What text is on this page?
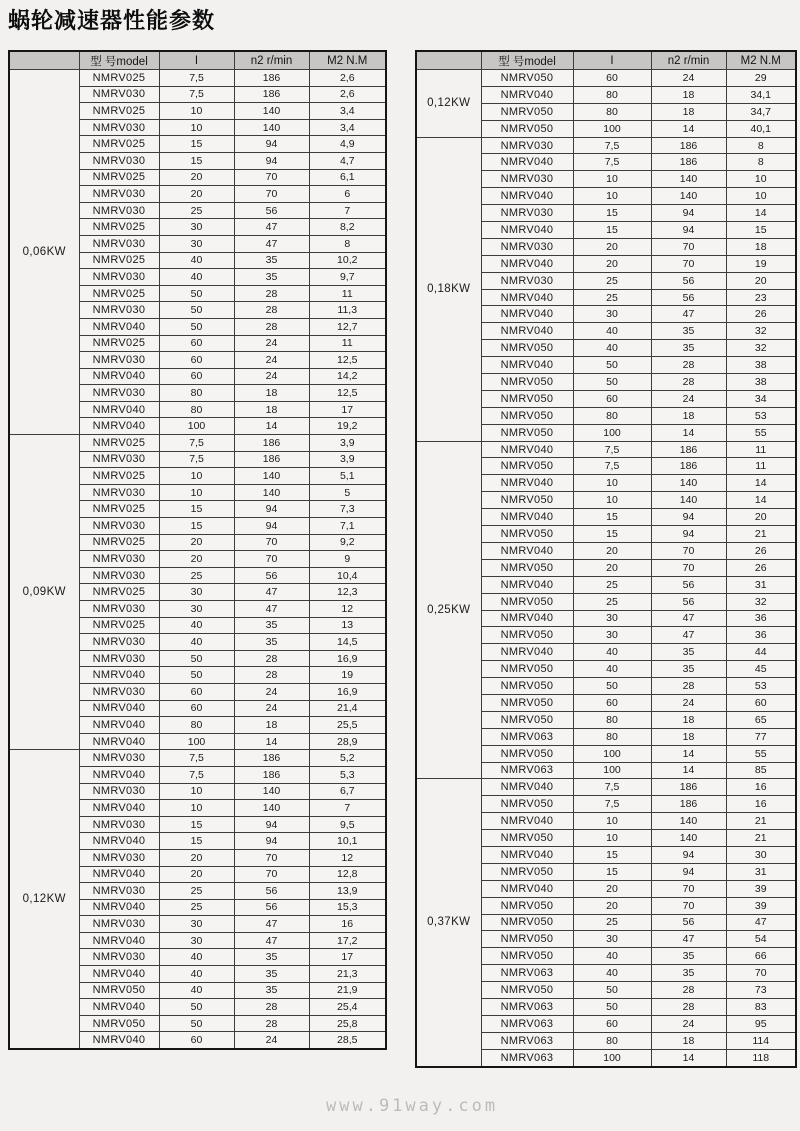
蜗轮减速器性能参数
	型 号model	I	n2 r/min	M2 N.M
0,06KW	NMRV025	7,5	186	2,6
	NMRV030	7,5	186	2,6
	NMRV025	10	140	3,4
	NMRV030	10	140	3,4
	NMRV025	15	94	4,9
	NMRV030	15	94	4,7
	NMRV025	20	70	6,1
	NMRV030	20	70	6
	NMRV030	25	56	7
	NMRV025	30	47	8,2
	NMRV030	30	47	8
	NMRV025	40	35	10,2
	NMRV030	40	35	9,7
	NMRV025	50	28	11
	NMRV030	50	28	11,3
	NMRV040	50	28	12,7
	NMRV025	60	24	11
	NMRV030	60	24	12,5
	NMRV040	60	24	14,2
	NMRV030	80	18	12,5
	NMRV040	80	18	17
	NMRV040	100	14	19,2
0,09KW	NMRV025	7,5	186	3,9
	NMRV030	7,5	186	3,9
	NMRV025	10	140	5,1
	NMRV030	10	140	5
	NMRV025	15	94	7,3
	NMRV030	15	94	7,1
	NMRV025	20	70	9,2
	NMRV030	20	70	9
	NMRV030	25	56	10,4
	NMRV025	30	47	12,3
	NMRV030	30	47	12
	NMRV025	40	35	13
	NMRV030	40	35	14,5
	NMRV030	50	28	16,9
	NMRV040	50	28	19
	NMRV030	60	24	16,9
	NMRV040	60	24	21,4
	NMRV040	80	18	25,5
	NMRV040	100	14	28,9
0,12KW	NMRV030	7,5	186	5,2
	NMRV040	7,5	186	5,3
	NMRV030	10	140	6,7
	NMRV040	10	140	7
	NMRV030	15	94	9,5
	NMRV040	15	94	10,1
	NMRV030	20	70	12
	NMRV040	20	70	12,8
	NMRV030	25	56	13,9
	NMRV040	25	56	15,3
	NMRV030	30	47	16
	NMRV040	30	47	17,2
	NMRV030	40	35	17
	NMRV040	40	35	21,3
	NMRV050	40	35	21,9
	NMRV040	50	28	25,4
	NMRV050	50	28	25,8
	NMRV040	60	24	28,5
	型 号model	I	n2 r/min	M2 N.M
0,12KW	NMRV050	60	24	29
	NMRV040	80	18	34,1
	NMRV050	80	18	34,7
	NMRV050	100	14	40,1
0,18KW	NMRV030	7,5	186	8
	NMRV040	7,5	186	8
	NMRV030	10	140	10
	NMRV040	10	140	10
	NMRV030	15	94	14
	NMRV040	15	94	15
	NMRV030	20	70	18
	NMRV040	20	70	19
	NMRV030	25	56	20
	NMRV040	25	56	23
	NMRV040	30	47	26
	NMRV040	40	35	32
	NMRV050	40	35	32
	NMRV040	50	28	38
	NMRV050	50	28	38
	NMRV050	60	24	34
	NMRV050	80	18	53
	NMRV050	100	14	55
0,25KW	NMRV040	7,5	186	11
	NMRV050	7,5	186	11
	NMRV040	10	140	14
	NMRV050	10	140	14
	NMRV040	15	94	20
	NMRV050	15	94	21
	NMRV040	20	70	26
	NMRV050	20	70	26
	NMRV040	25	56	31
	NMRV050	25	56	32
	NMRV040	30	47	36
	NMRV050	30	47	36
	NMRV040	40	35	44
	NMRV050	40	35	45
	NMRV050	50	28	53
	NMRV050	60	24	60
	NMRV050	80	18	65
	NMRV063	80	18	77
	NMRV050	100	14	55
	NMRV063	100	14	85
0,37KW	NMRV040	7,5	186	16
	NMRV050	7,5	186	16
	NMRV040	10	140	21
	NMRV050	10	140	21
	NMRV040	15	94	30
	NMRV050	15	94	31
	NMRV040	20	70	39
	NMRV050	20	70	39
	NMRV050	25	56	47
	NMRV050	30	47	54
	NMRV050	40	35	66
	NMRV063	40	35	70
	NMRV050	50	28	73
	NMRV063	50	28	83
	NMRV063	60	24	95
	NMRV063	80	18	114
	NMRV063	100	14	118
www.91way.com
